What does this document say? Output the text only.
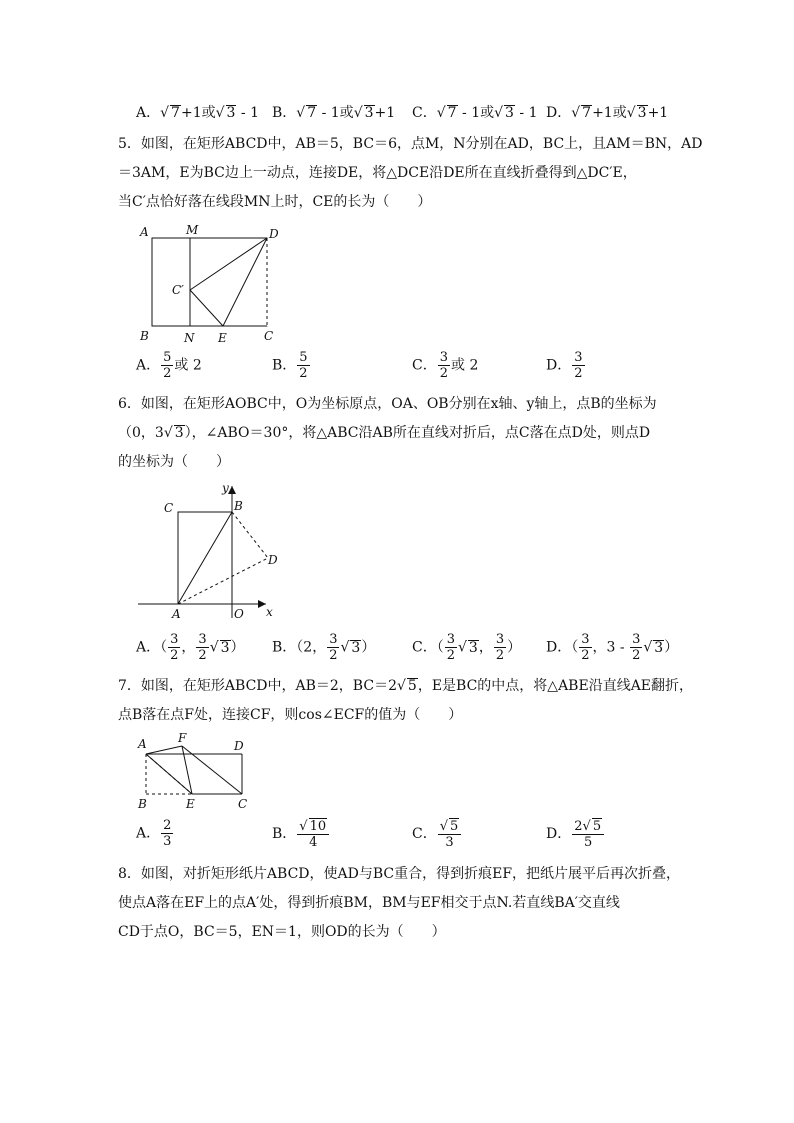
A．√ 7+1或√ 3 - 1 B．√ 7 - 1或√ 3+1 C．√ 7 - 1或√ 3 - 1 D．√ 7+1或√ 3+1

5．如图，在矩形ABCD中，AB＝5，BC＝6，点M，N分别在AD，BC上，且AM＝BN，AD

＝3AM，E为BC边上一动点，连接DE，将△DCE沿DE所在直线折叠得到△DC′E，

当C′点恰好落在线段MN上时，CE的长为（　　）

A	M	D
C′
B	N E	C
A． $\frac{5}{2}$ 或 2	B． $\frac{5}{2}$	C． $\frac{3}{2}$ 或 2	D． $\frac{3}{2}$

6．如图，在矩形AOBC中，O为坐标原点，OA、OB分别在x轴、y轴上，点B的坐标为

（0，3√ 3），∠ABO＝30°，将△ABC沿AB所在直线对折后，点C落在点D处，则点D

的坐标为（　　）

C	B
y
D
A	O x
A．（ $\frac{3}{2}$ ， $\frac{3}{2}$ √ 3） B．（2， $\frac{3}{2}$ √ 3）	C．（ $\frac{3}{2}$ √ 3， $\frac{3}{2}$ ） D．（ $\frac{3}{2}$ ，$3 - \frac{3}{2}$ √ 3）

7．如图，在矩形ABCD中，AB＝2，BC＝2√ 5，E是BC的中点，将△ABE沿直线AE翻折，

点B落在点F处，连接CF，则cos∠ECF的值为（　　）

A	F
D
B	E	C
A． $\frac{2}{3}$	B． $\frac{√ 10}{4}$	C． $\frac{√ 5}{3}$	D． $\frac{2√ 5}{5}$

8．如图，对折矩形纸片ABCD，使AD与BC重合，得到折痕EF，把纸片展平后再次折叠，

使点A落在EF上的点A′处，得到折痕BM，BM与EF相交于点N.若直线BA′交直线

CD于点O，BC＝5，EN＝1，则OD的长为（　　）
